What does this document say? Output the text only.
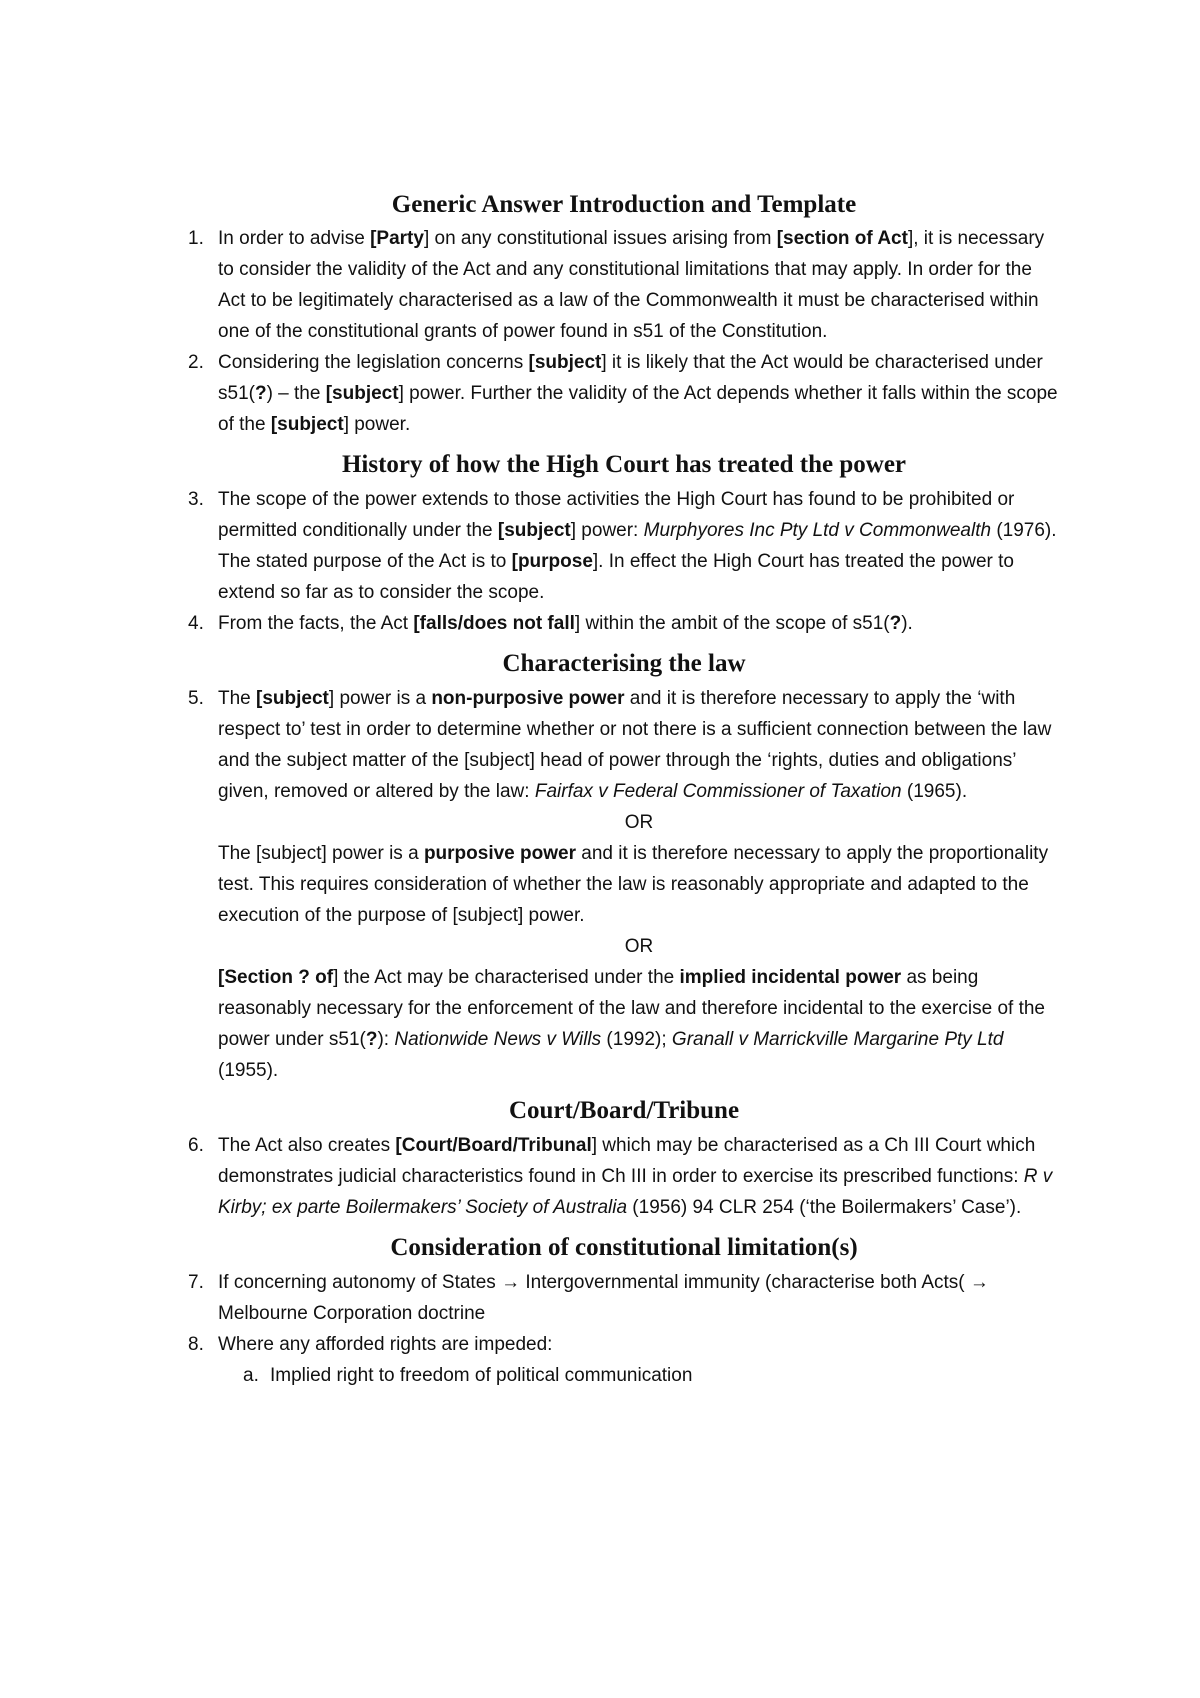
Generic Answer Introduction and Template
1. In order to advise [Party] on any constitutional issues arising from [section of Act], it is necessary to consider the validity of the Act and any constitutional limitations that may apply. In order for the Act to be legitimately characterised as a law of the Commonwealth it must be characterised within one of the constitutional grants of power found in s51 of the Constitution.
2. Considering the legislation concerns [subject] it is likely that the Act would be characterised under s51(?) – the [subject] power. Further the validity of the Act depends whether it falls within the scope of the [subject] power.
History of how the High Court has treated the power
3. The scope of the power extends to those activities the High Court has found to be prohibited or permitted conditionally under the [subject] power: Murphyores Inc Pty Ltd v Commonwealth (1976). The stated purpose of the Act is to [purpose]. In effect the High Court has treated the power to extend so far as to consider the scope.
4. From the facts, the Act [falls/does not fall] within the ambit of the scope of s51(?).
Characterising the law
5. The [subject] power is a non-purposive power and it is therefore necessary to apply the ‘with respect to’ test in order to determine whether or not there is a sufficient connection between the law and the subject matter of the [subject] head of power through the ‘rights, duties and obligations’ given, removed or altered by the law: Fairfax v Federal Commissioner of Taxation (1965).
OR
The [subject] power is a purposive power and it is therefore necessary to apply the proportionality test. This requires consideration of whether the law is reasonably appropriate and adapted to the execution of the purpose of [subject] power.
OR
[Section ? of] the Act may be characterised under the implied incidental power as being reasonably necessary for the enforcement of the law and therefore incidental to the exercise of the power under s51(?): Nationwide News v Wills (1992); Granall v Marrickville Margarine Pty Ltd (1955).
Court/Board/Tribune
6. The Act also creates [Court/Board/Tribunal] which may be characterised as a Ch III Court which demonstrates judicial characteristics found in Ch III in order to exercise its prescribed functions: R v Kirby; ex parte Boilermakers’ Society of Australia (1956) 94 CLR 254 (‘the Boilermakers’ Case’).
Consideration of constitutional limitation(s)
7. If concerning autonomy of States → Intergovernmental immunity (characterise both Acts( → Melbourne Corporation doctrine
8. Where any afforded rights are impeded:
a. Implied right to freedom of political communication
